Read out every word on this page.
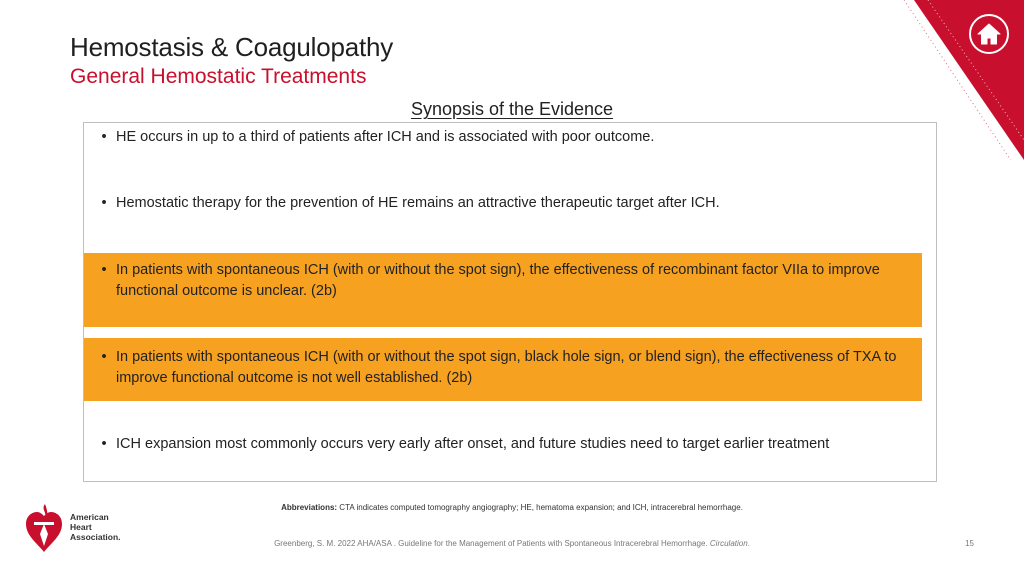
Hemostasis & Coagulopathy
General Hemostatic Treatments
Synopsis of the Evidence
• HE occurs in up to a third of patients after ICH and is associated with poor outcome.
• Hemostatic therapy for the prevention of HE remains an attractive therapeutic target after ICH.
• In patients with spontaneous ICH (with or without the spot sign), the effectiveness of recombinant factor VIIa to improve functional outcome is unclear. (2b)
• In patients with spontaneous ICH (with or without the spot sign, black hole sign, or blend sign), the effectiveness of TXA to improve functional outcome is not well established. (2b)
• ICH expansion most commonly occurs very early after onset, and future studies need to target earlier treatment
Abbreviations: CTA indicates computed tomography angiography; HE, hematoma expansion; and ICH, intracerebral hemorrhage.
American
Heart
Association.
Greenberg, S. M. 2022 AHA/ASA . Guideline for the Management of Patients with Spontaneous Intracerebral Hemorrhage. Circulation.	15
